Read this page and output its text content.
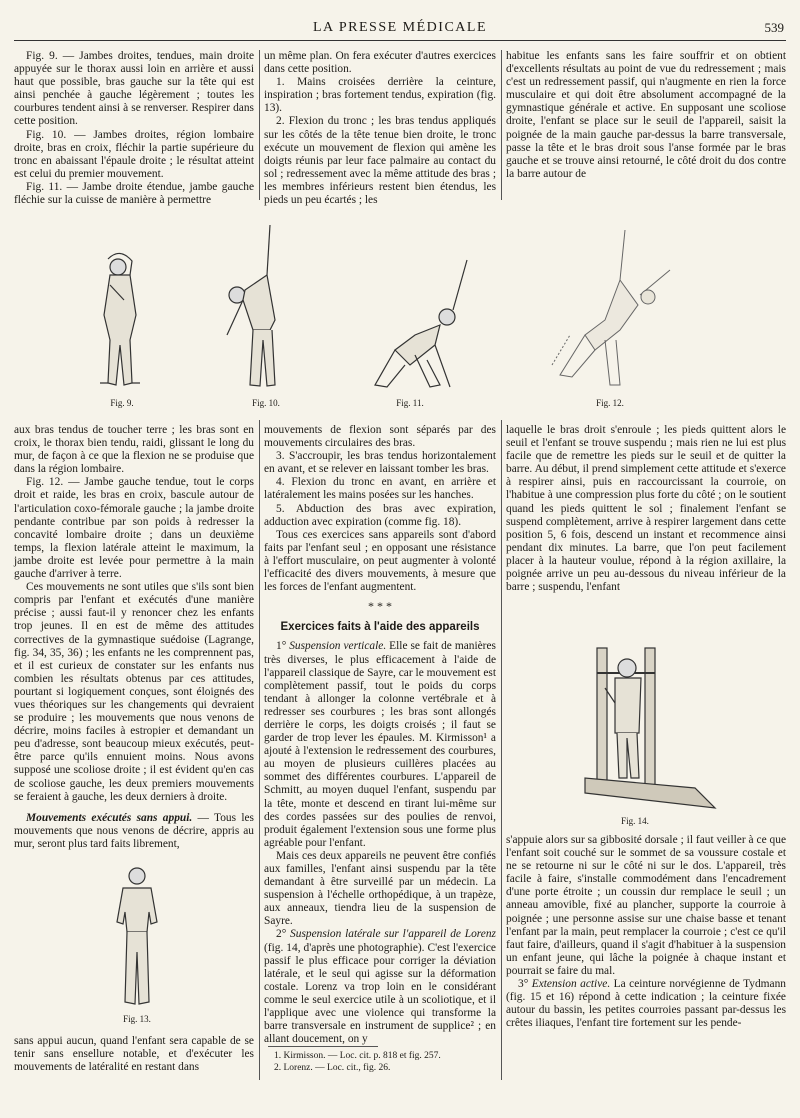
LA PRESSE MÉDICALE	539

Fig. 9. — Jambes droites, tendues, main droite appuyée sur le thorax aussi loin en arrière et aussi haut que possible, bras gauche sur la tête qui est ainsi penchée à gauche légèrement ; toutes les courbures tendent ainsi à se renverser. Respirer dans cette position.

Fig. 10. — Jambes droites, région lombaire droite, bras en croix, fléchir la partie supérieure du tronc en abaissant l'épaule droite ; le résultat atteint est celui du premier mouvement.

Fig. 11. — Jambe droite étendue, jambe gauche fléchie sur la cuisse de manière à permettre

un même plan. On fera exécuter d'autres exercices dans cette position.

1. Mains croisées derrière la ceinture, inspiration ; bras fortement tendus, expiration (fig. 13).

2. Flexion du tronc ; les bras tendus appliqués sur les côtés de la tête tenue bien droite, le tronc exécute un mouvement de flexion qui amène les doigts réunis par leur face palmaire au contact du sol ; redressement avec la même attitude des bras ; les membres inférieurs restent bien étendus, les pieds un peu écartés ; les

habitue les enfants sans les faire souffrir et on obtient d'excellents résultats au point de vue du redressement ; mais c'est un redressement passif, qui n'augmente en rien la force musculaire et qui doit être absolument accompagné de la gymnastique générale et active. En supposant une scoliose droite, l'enfant se place sur le seuil de l'appareil, saisit la poignée de la main gauche par-dessus la barre transversale, passe la tête et le bras droit sous l'anse formée par le bras gauche et se trouve ainsi retourné, le côté droit du dos contre la barre autour de

Fig. 9.	Fig. 10.	Fig. 11.	Fig. 12.

aux bras tendus de toucher terre ; les bras sont en croix, le thorax bien tendu, raidi, glissant le long du mur, de façon à ce que la flexion ne se produise que dans la région lombaire.

Fig. 12. — Jambe gauche tendue, tout le corps droit et raide, les bras en croix, bascule autour de l'articulation coxo-fémorale gauche ; la jambe droite pendante contribue par son poids à redresser la concavité lombaire droite ; dans un deuxième temps, la flexion latérale atteint le maximum, la jambe droite est levée pour permettre à la main gauche d'arriver à terre.

Ces mouvements ne sont utiles que s'ils sont bien compris par l'enfant et exécutés d'une manière précise ; aussi faut-il y renoncer chez les enfants trop jeunes. Il en est de même des attitudes correctives de la gymnastique suédoise (Lagrange, fig. 34, 35, 36) ; les enfants ne les comprennent pas, et il est curieux de constater sur les enfants nus combien les résultats obtenus par ces attitudes, pourtant si logiquement conçues, sont éloignés des vues théoriques sur les changements qui devraient se produire ; les mouvements que nous venons de décrire, moins faciles à estropier et demandant un peu d'adresse, sont beaucoup mieux exécutés, peut-être parce qu'ils ennuient moins. Nous avons supposé une scoliose droite ; il est évident qu'en cas de scoliose gauche, les deux premiers mouvements se feraient à gauche, les deux derniers à droite.

Mouvements exécutés sans appui. — Tous les mouvements que nous venons de décrire, appris au mur, seront plus tard faits librement,

Fig. 13.

sans appui aucun, quand l'enfant sera capable de se tenir sans ensellure notable, et d'exécuter les mouvements de latéralité en restant dans

mouvements de flexion sont séparés par des mouvements circulaires des bras.

3. S'accroupir, les bras tendus horizontalement en avant, et se relever en laissant tomber les bras.

4. Flexion du tronc en avant, en arrière et latéralement les mains posées sur les hanches.

5. Abduction des bras avec expiration, adduction avec expiration (comme fig. 18).

Tous ces exercices sans appareils sont d'abord faits par l'enfant seul ; en opposant une résistance à l'effort musculaire, on peut augmenter à volonté l'efficacité des divers mouvements, à mesure que les forces de l'enfant augmentent.

* * *
Exercices faits à l'aide des appareils

1° Suspension verticale. Elle se fait de manières très diverses, le plus efficacement à l'aide de l'appareil classique de Sayre, car le mouvement est complètement passif, tout le poids du corps tendant à allonger la colonne vertébrale et à redresser ses courbures ; les bras sont allongés derrière le corps, les doigts croisés ; il faut se garder de trop lever les épaules. M. Kirmisson¹ a ajouté à l'extension le redressement des courbures, au moyen de plusieurs cuillères placées au sommet des différentes courbures. L'appareil de Schmitt, au moyen duquel l'enfant, suspendu par la tête, monte et descend en tirant lui-même sur des cordes passées sur des poulies de renvoi, produit également l'extension sous une forme plus agréable pour l'enfant.

Mais ces deux appareils ne peuvent être confiés aux familles, l'enfant ainsi suspendu par la tête demandant à être surveillé par un médecin. La suspension à l'échelle orthopédique, à un trapèze, aux anneaux, tiendra lieu de la suspension de Sayre.

2° Suspension latérale sur l'appareil de Lorenz (fig. 14, d'après une photographie). C'est l'exercice passif le plus efficace pour corriger la déviation latérale, et le seul qui agisse sur la déformation costale. Lorenz va trop loin en le considérant comme le seul exercice utile à un scoliotique, et il l'applique avec une violence qui transforme la barre transversale en instrument de supplice² ; en allant doucement, on y

1. Kirmisson. — Loc. cit. p. 818 et fig. 257.
2. Lorenz. — Loc. cit., fig. 26.

laquelle le bras droit s'enroule ; les pieds quittent alors le seuil et l'enfant se trouve suspendu ; mais rien ne lui est plus facile que de remettre les pieds sur le seuil et de quitter la barre. Au début, il prend simplement cette attitude et s'exerce à respirer ainsi, puis en raccourcissant la courroie, on l'habitue à une compression plus forte du côté ; on le soutient quand les pieds quittent le sol ; finalement l'enfant se suspend complètement, arrive à respirer largement dans cette position 5, 6 fois, descend un instant et recommence ainsi pendant dix minutes. La barre, que l'on peut facilement placer à la hauteur voulue, répond à la région axillaire, la poignée arrive un peu au-dessous du niveau inférieur de la barre ; suspendu, l'enfant

Fig. 14.

s'appuie alors sur sa gibbosité dorsale ; il faut veiller à ce que l'enfant soit couché sur le sommet de sa voussure costale et ne se retourne ni sur le côté ni sur le dos. L'appareil, très facile à faire, s'installe commodément dans l'encadrement d'une porte étroite ; un coussin dur remplace le seuil ; un anneau amovible, fixé au plancher, supporte la courroie à poignée ; une personne assise sur une chaise basse et tenant l'enfant par la main, peut remplacer la courroie ; c'est ce qu'il faut faire, d'ailleurs, quand il s'agit d'habituer à la suspension un enfant jeune, qui lâche la poignée à chaque instant et pourrait se faire du mal.

3° Extension active. La ceinture norvégienne de Tydmann (fig. 15 et 16) répond à cette indication ; la ceinture fixée autour du bassin, les petites courroies passant par-dessus les crêtes iliaques, l'enfant tire fortement sur les pende-
